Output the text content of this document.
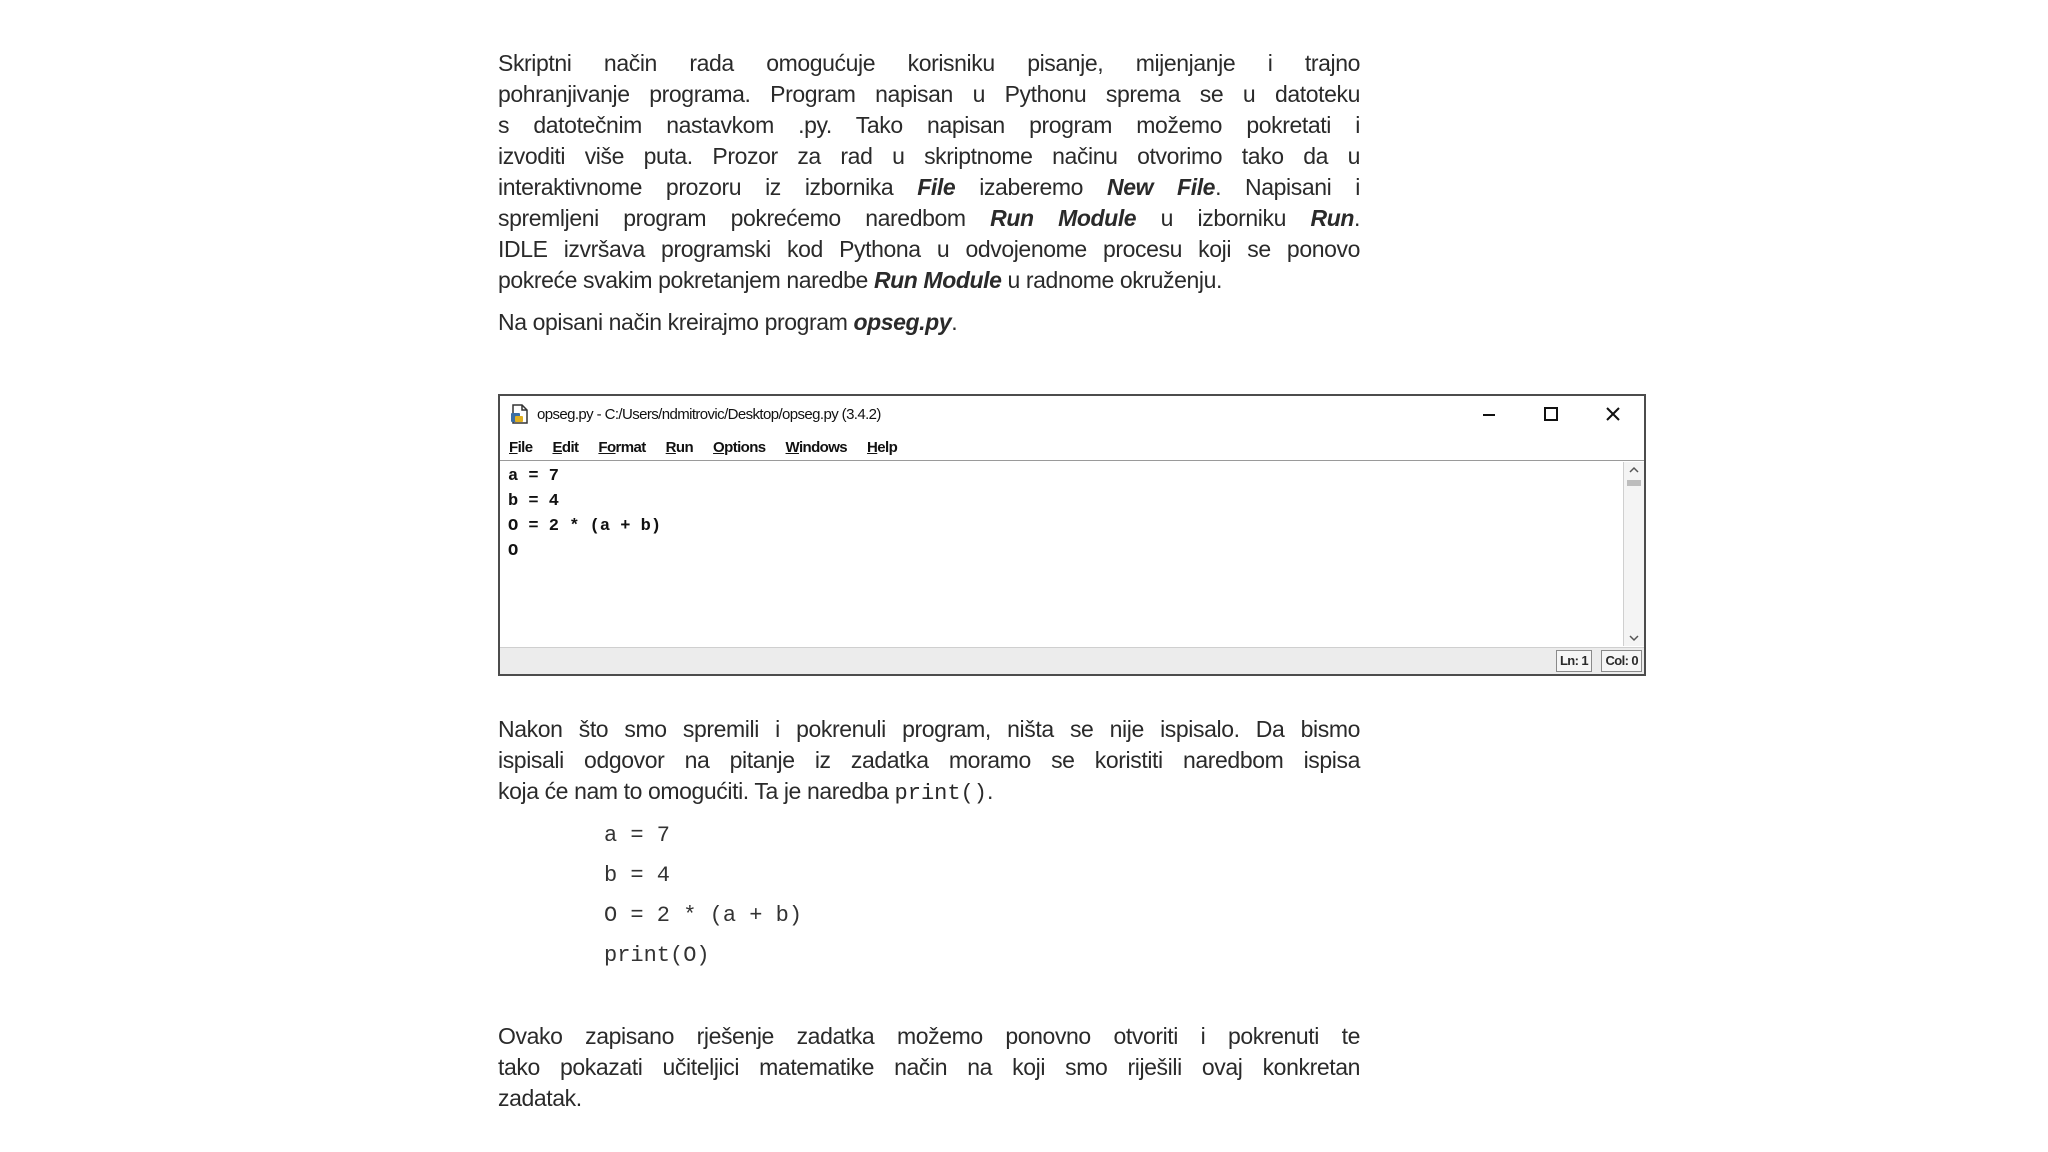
Skriptni način rada omogućuje korisniku pisanje, mijenjanje i trajno
pohranjivanje programa. Program napisan u Pythonu sprema se u datoteku
s datotečnim nastavkom .py. Tako napisan program možemo pokretati i
izvoditi više puta. Prozor za rad u skriptnome načinu otvorimo tako da u
interaktivnome prozoru iz izbornika File izaberemo New File. Napisani i
spremljeni program pokrećemo naredbom Run Module u izborniku Run.
IDLE izvršava programski kod Pythona u odvojenome procesu koji se ponovo
pokreće svakim pokretanjem naredbe Run Module u radnome okruženju.

Na opisani način kreirajmo program opseg.py.

opseg.py - C:/Users/ndmitrovic/Desktop/opseg.py (3.4.2)
File Edit Format Run Options Windows Help
a = 7
b = 4
O = 2 * (a + b)
O
Ln: 1	Col: 0

Nakon što smo spremili i pokrenuli program, ništa se nije ispisalo. Da bismo
ispisali odgovor na pitanje iz zadatka moramo se koristiti naredbom ispisa
koja će nam to omogućiti. Ta je naredba print().

a = 7
b = 4
O = 2 * (a + b)
print(O)

Ovako zapisano rješenje zadatka možemo ponovno otvoriti i pokrenuti te
tako pokazati učiteljici matematike način na koji smo riješili ovaj konkretan
zadatak.
